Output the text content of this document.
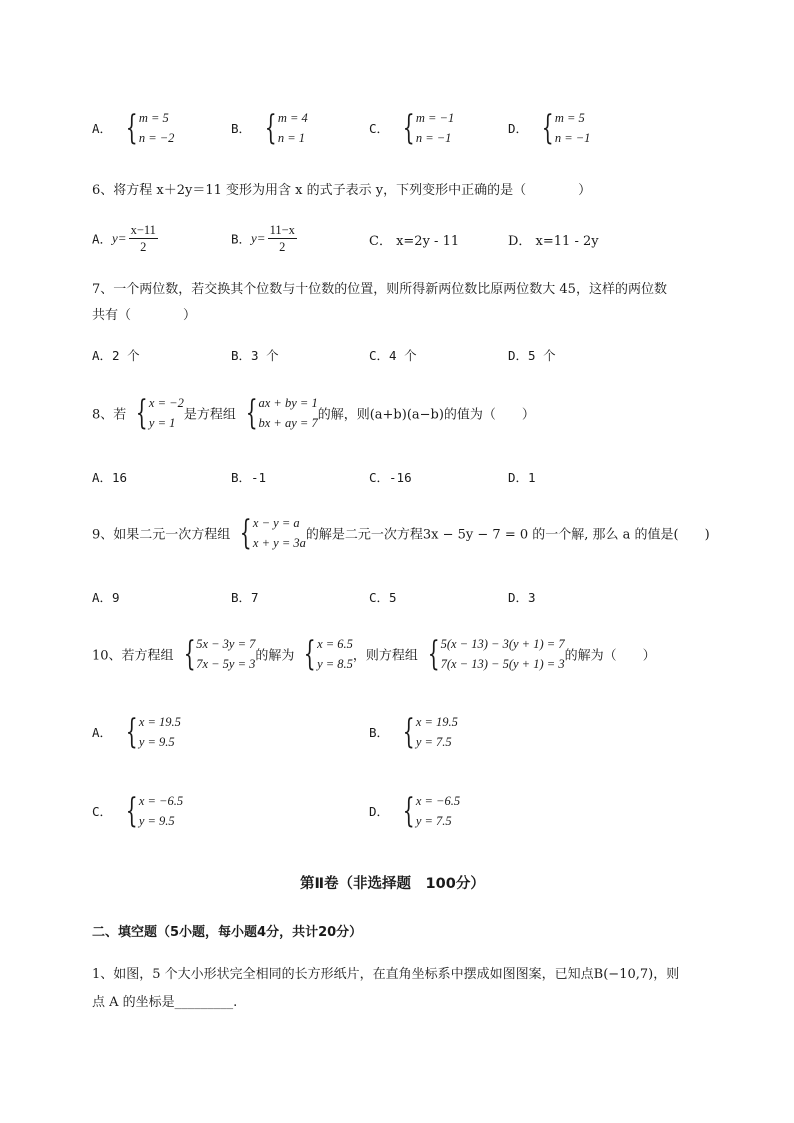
A． { m = 5
n = −2
B． { m = 4
n = 1
C． { m = −1
n = −1
D． { m = 5
n = −1
6、将方程 x＋2y＝11 变形为用含 x 的式子表示 y，下列变形中正确的是（　　　　）
A．$y= \frac{x-11}{2}$	B．$y= \frac{11-x}{2}$	C． x=2y - 11	D． x=11 - 2y
7、一个两位数，若交换其个位数与十位数的位置，则所得新两位数比原两位数大 45，这样的两位数
共有（　　　　）
A．2 个	B．3 个	C．4 个	D．5 个
8、若 { x = −2
y = 1
是方程组 { ax + by = 1
bx + ay = 7
的解，则(a+b)(a−b)的值为（　　）
A．16	B．-1	C．-16	D．1
9、如果二元一次方程组 { x − y = a
x + y = 3a
的解是二元一次方程3x − 5y − 7 = 0 的一个解, 那么 a 的值是(　　)
A．9	B．7	C．5	D．3
10、若方程组 { 5x − 3y = 7
7x − 5y = 3
的解为 { x = 6.5
y = 8.5
，则方程组 { 5(x − 13) − 3(y + 1) = 7
7(x − 13) − 5(y + 1) = 3
的解为（　　）
A． { x = 19.5
y = 9.5
B． { x = 19.5
y = 7.5
C． { x = −6.5
y = 9.5
D． { x = −6.5
y = 7.5
第Ⅱ卷（非选择题　100分）
二、填空题（5小题，每小题4分，共计20分）
1、如图，5 个大小形状完全相同的长方形纸片，在直角坐标系中摆成如图图案，已知点B(−10,7)，则
点 A 的坐标是_________.
